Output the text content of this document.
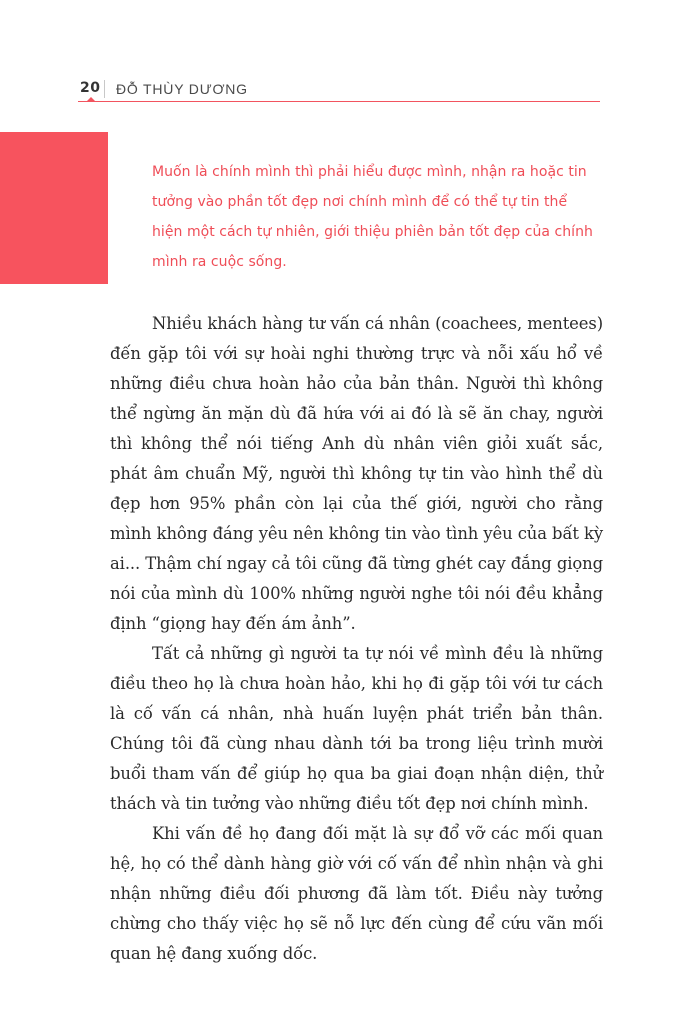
20 ĐỖ THÙY DƯƠNG

Muốn là chính mình thì phải hiểu được mình, nhận ra hoặc tin tưởng vào phần tốt đẹp nơi chính mình để có thể tự tin thể hiện một cách tự nhiên, giới thiệu phiên bản tốt đẹp của chính mình ra cuộc sống.

Nhiều khách hàng tư vấn cá nhân (coachees, mentees) đến gặp tôi với sự hoài nghi thường trực và nỗi xấu hổ về những điều chưa hoàn hảo của bản thân. Người thì không thể ngừng ăn mặn dù đã hứa với ai đó là sẽ ăn chay, người thì không thể nói tiếng Anh dù nhân viên giỏi xuất sắc, phát âm chuẩn Mỹ, người thì không tự tin vào hình thể dù đẹp hơn 95% phần còn lại của thế giới, người cho rằng mình không đáng yêu nên không tin vào tình yêu của bất kỳ ai... Thậm chí ngay cả tôi cũng đã từng ghét cay đắng giọng nói của mình dù 100% những người nghe tôi nói đều khẳng định “giọng hay đến ám ảnh”.

Tất cả những gì người ta tự nói về mình đều là những điều theo họ là chưa hoàn hảo, khi họ đi gặp tôi với tư cách là cố vấn cá nhân, nhà huấn luyện phát triển bản thân. Chúng tôi đã cùng nhau dành tới ba trong liệu trình mười buổi tham vấn để giúp họ qua ba giai đoạn nhận diện, thử thách và tin tưởng vào những điều tốt đẹp nơi chính mình.

Khi vấn đề họ đang đối mặt là sự đổ vỡ các mối quan hệ, họ có thể dành hàng giờ với cố vấn để nhìn nhận và ghi nhận những điều đối phương đã làm tốt. Điều này tưởng chừng cho thấy việc họ sẽ nỗ lực đến cùng để cứu vãn mối quan hệ đang xuống dốc.
